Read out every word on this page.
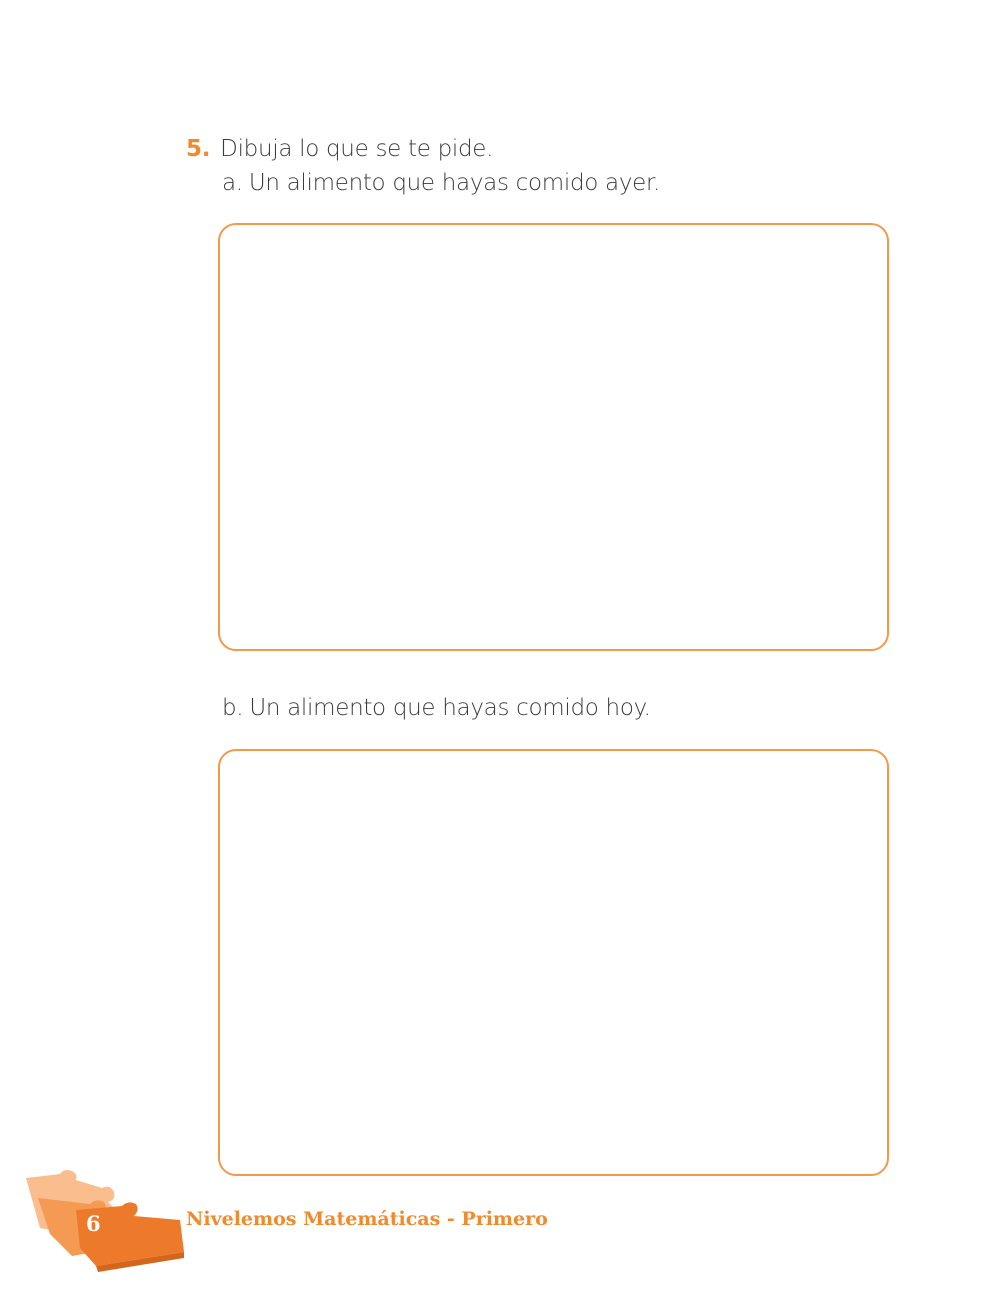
5. Dibuja lo que se te pide.
a. Un alimento que hayas comido ayer.
b. Un alimento que hayas comido hoy.
6	Nivelemos Matemáticas - Primero
